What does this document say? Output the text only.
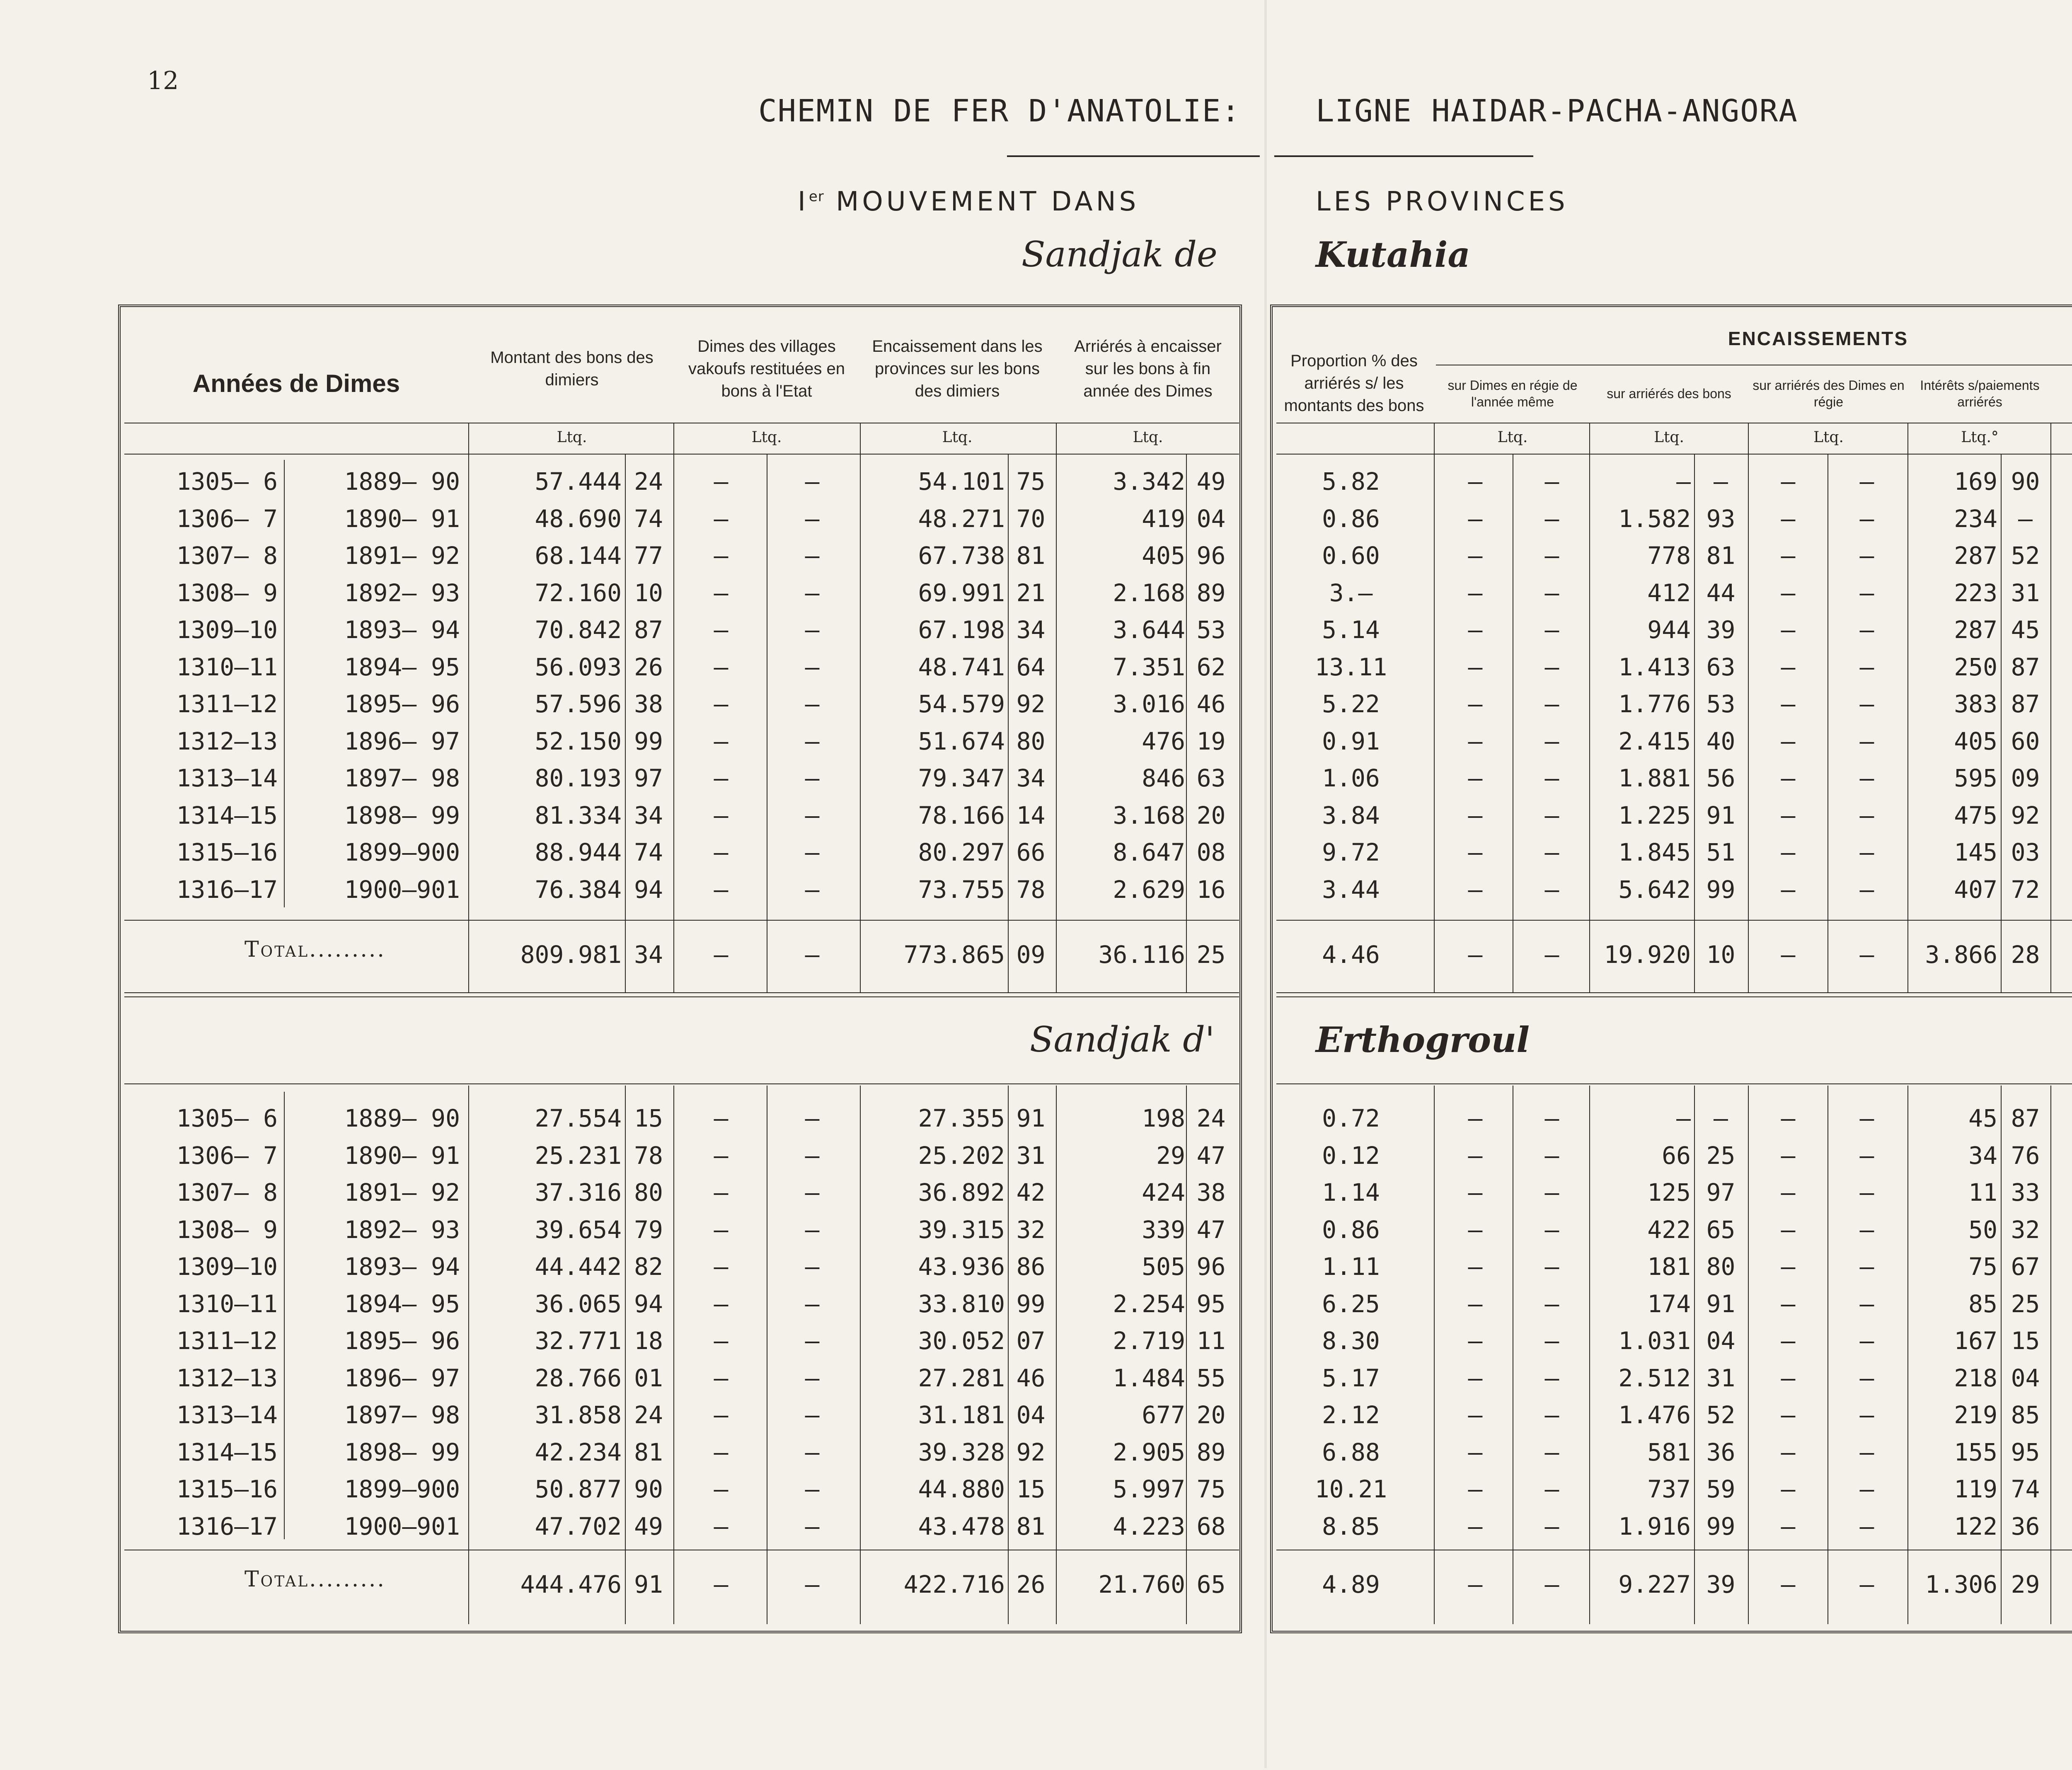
12
CHEMIN DE FER D'ANATOLIE: LIGNE HAIDAR-PACHA-ANGORA
Ier MOUVEMENT DANS	LES PROVINCES
Sandjak de	Kutahia
Années de Dimes
Montant des bons des dimiers
Dimes des villages vakoufs restituées en bons à l'Etat
Encaissement dans les provinces sur les bons des dimiers
Arriérés à encaisser sur les bons à fin année des Dimes
Proportion % des arriérés s/ les montants des bons
ENCAISSEMENTS
sur Dimes en régie de l'année même
sur arriérés des bons
sur arriérés des Dimes en régie
Intérêts s/paiements arriérés
Ltq.	Ltq.	Ltq.	Ltq.	Ltq.	Ltq.	Ltq.	Ltq.°
Sandjak d'	Erthogroul
1305— 6	1889— 90	57.444 24	—	—	54.101 75	3.342 49	5.82	—	—	— —	—	—	169 90
1306— 7	1890— 91	48.690 74	—	—	48.271 70	419 04	0.86	—	—	1.582 93	—	—	234 —
1307— 8	1891— 92	68.144 77	—	—	67.738 81	405 96	0.60	—	—	778 81	—	—	287 52
1308— 9	1892— 93	72.160 10	—	—	69.991 21	2.168 89	3.—	—	—	412 44	—	—	223 31
1309—10	1893— 94	70.842 87	—	—	67.198 34	3.644 53	5.14	—	—	944 39	—	—	287 45
1310—11	1894— 95	56.093 26	—	—	48.741 64	7.351 62	13.11	—	—	1.413 63	—	—	250 87
1311—12	1895— 96	57.596 38	—	—	54.579 92	3.016 46	5.22	—	—	1.776 53	—	—	383 87
1312—13	1896— 97	52.150 99	—	—	51.674 80	476 19	0.91	—	—	2.415 40	—	—	405 60
1313—14	1897— 98	80.193 97	—	—	79.347 34	846 63	1.06	—	—	1.881 56	—	—	595 09
1314—15	1898— 99	81.334 34	—	—	78.166 14	3.168 20	3.84	—	—	1.225 91	—	—	475 92
1315—16	1899—900	88.944 74	—	—	80.297 66	8.647 08	9.72	—	—	1.845 51	—	—	145 03
1316—17	1900—901	76.384 94	—	—	73.755 78	2.629 16	3.44	—	—	5.642 99	—	—	407 72
Total.........	809.981 34	—	—	773.865 09	36.116 25	4.46	—	—	19.920 10	—	—	3.866 28
1305— 6	1889— 90	27.554 15	—	—	27.355 91	198 24	0.72	—	—	— —	—	—	45 87
1306— 7	1890— 91	25.231 78	—	—	25.202 31	29 47	0.12	—	—	66 25	—	—	34 76
1307— 8	1891— 92	37.316 80	—	—	36.892 42	424 38	1.14	—	—	125 97	—	—	11 33
1308— 9	1892— 93	39.654 79	—	—	39.315 32	339 47	0.86	—	—	422 65	—	—	50 32
1309—10	1893— 94	44.442 82	—	—	43.936 86	505 96	1.11	—	—	181 80	—	—	75 67
1310—11	1894— 95	36.065 94	—	—	33.810 99	2.254 95	6.25	—	—	174 91	—	—	85 25
1311—12	1895— 96	32.771 18	—	—	30.052 07	2.719 11	8.30	—	—	1.031 04	—	—	167 15
1312—13	1896— 97	28.766 01	—	—	27.281 46	1.484 55	5.17	—	—	2.512 31	—	—	218 04
1313—14	1897— 98	31.858 24	—	—	31.181 04	677 20	2.12	—	—	1.476 52	—	—	219 85
1314—15	1898— 99	42.234 81	—	—	39.328 92	2.905 89	6.88	—	—	581 36	—	—	155 95
1315—16	1899—900	50.877 90	—	—	44.880 15	5.997 75	10.21	—	—	737 59	—	—	119 74
1316—17	1900—901	47.702 49	—	—	43.478 81	4.223 68	8.85	—	—	1.916 99	—	—	122 36
Total.........	444.476 91	—	—	422.716 26	21.760 65	4.89	—	—	9.227 39	—	—	1.306 29
